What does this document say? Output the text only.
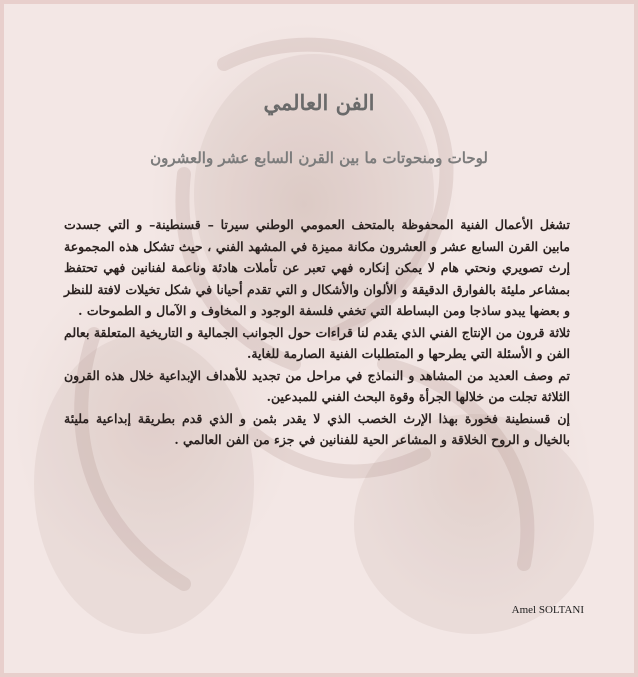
الفن العالمي
لوحات ومنحوتات ما بين القرن السابع عشر والعشرون

تشغل الأعمال الفنية المحفوظة بالمتحف العمومي الوطني سيرتا – قسنطينة– و التي جسدت مابين القرن السابع عشر و العشرون مكانة مميزة في المشهد الفني ، حيث تشكل هذه المجموعة إرث تصويري ونحتي هام لا يمكن إنكاره فهي تعبر عن تأملات هادئة وناعمة لفنانين فهي تحتفظ بمشاعر مليئة بالفوارق الدقيقة و الألوان والأشكال و التي تقدم أحيانا في شكل تخيلات لافتة للنظر و بعضها يبدو ساذجا ومن البساطة التي تخفي فلسفة الوجود و المخاوف و الآمال و الطموحات .

ثلاثة قرون من الإنتاج الفني الذي يقدم لنا قراءات حول الجوانب الجمالية و التاريخية المتعلقة بعالم الفن و الأسئلة التي يطرحها و المتطلبات الفنية الصارمة للغاية.

تم وصف العديد من المشاهد و النماذج في مراحل من تجديد للأهداف الإبداعية خلال هذه القرون الثلاثة تجلت من خلالها الجرأة وقوة البحث الفني للمبدعين.

إن قسنطينة فخورة بهذا الإرث الخصب الذي لا يقدر بثمن و الذي قدم بطريقة إبداعية مليئة بالخيال و الروح الخلاقة و المشاعر الحية للفنانين في جزء من الفن العالمي .

Amel SOLTANI
